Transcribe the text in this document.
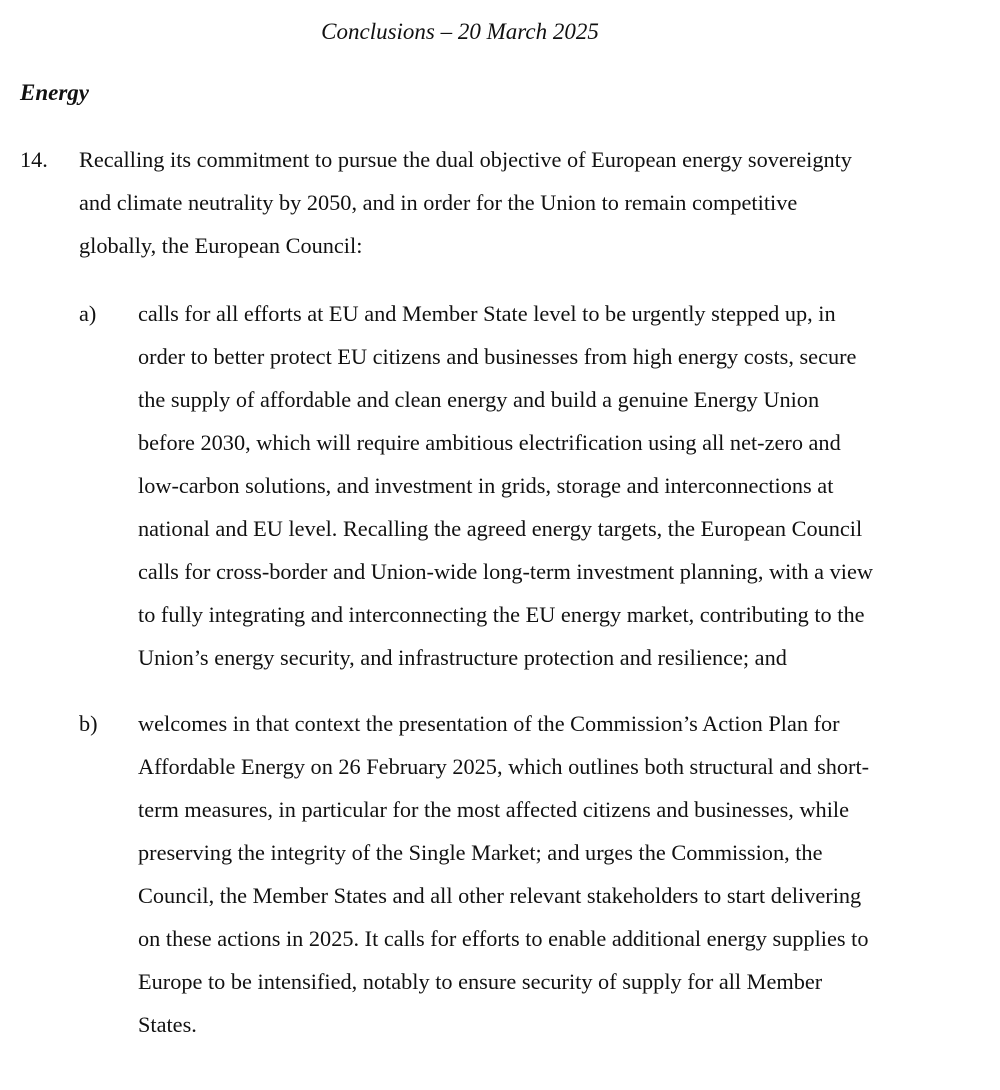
Conclusions – 20 March 2025
Energy
14. Recalling its commitment to pursue the dual objective of European energy sovereignty
and climate neutrality by 2050, and in order for the Union to remain competitive
globally, the European Council:
a) calls for all efforts at EU and Member State level to be urgently stepped up, in
order to better protect EU citizens and businesses from high energy costs, secure
the supply of affordable and clean energy and build a genuine Energy Union
before 2030, which will require ambitious electrification using all net-zero and
low-carbon solutions, and investment in grids, storage and interconnections at
national and EU level. Recalling the agreed energy targets, the European Council
calls for cross-border and Union-wide long-term investment planning, with a view
to fully integrating and interconnecting the EU energy market, contributing to the
Union’s energy security, and infrastructure protection and resilience; and
b) welcomes in that context the presentation of the Commission’s Action Plan for
Affordable Energy on 26 February 2025, which outlines both structural and short-
term measures, in particular for the most affected citizens and businesses, while
preserving the integrity of the Single Market; and urges the Commission, the
Council, the Member States and all other relevant stakeholders to start delivering
on these actions in 2025. It calls for efforts to enable additional energy supplies to
Europe to be intensified, notably to ensure security of supply for all Member
States.
